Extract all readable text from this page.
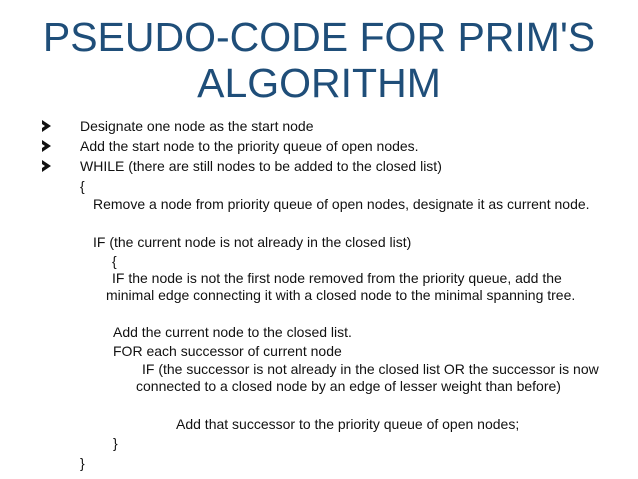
PSEUDO-CODE FOR PRIM'S
ALGORITHM
Designate one node as the start node
Add the start node to the priority queue of open nodes.
WHILE (there are still nodes to be added to the closed list)
{
Remove a node from priority queue of open nodes, designate it as current node.
IF (the current node is not already in the closed list)
{
IF the node is not the first node removed from the priority queue, add the minimal edge connecting it with a closed node to the minimal spanning tree.
Add the current node to the closed list.
FOR each successor of current node
IF (the successor is not already in the closed list OR the successor is now connected to a closed node by an edge of lesser weight than before)
Add that successor to the priority queue of open nodes;
}
}
